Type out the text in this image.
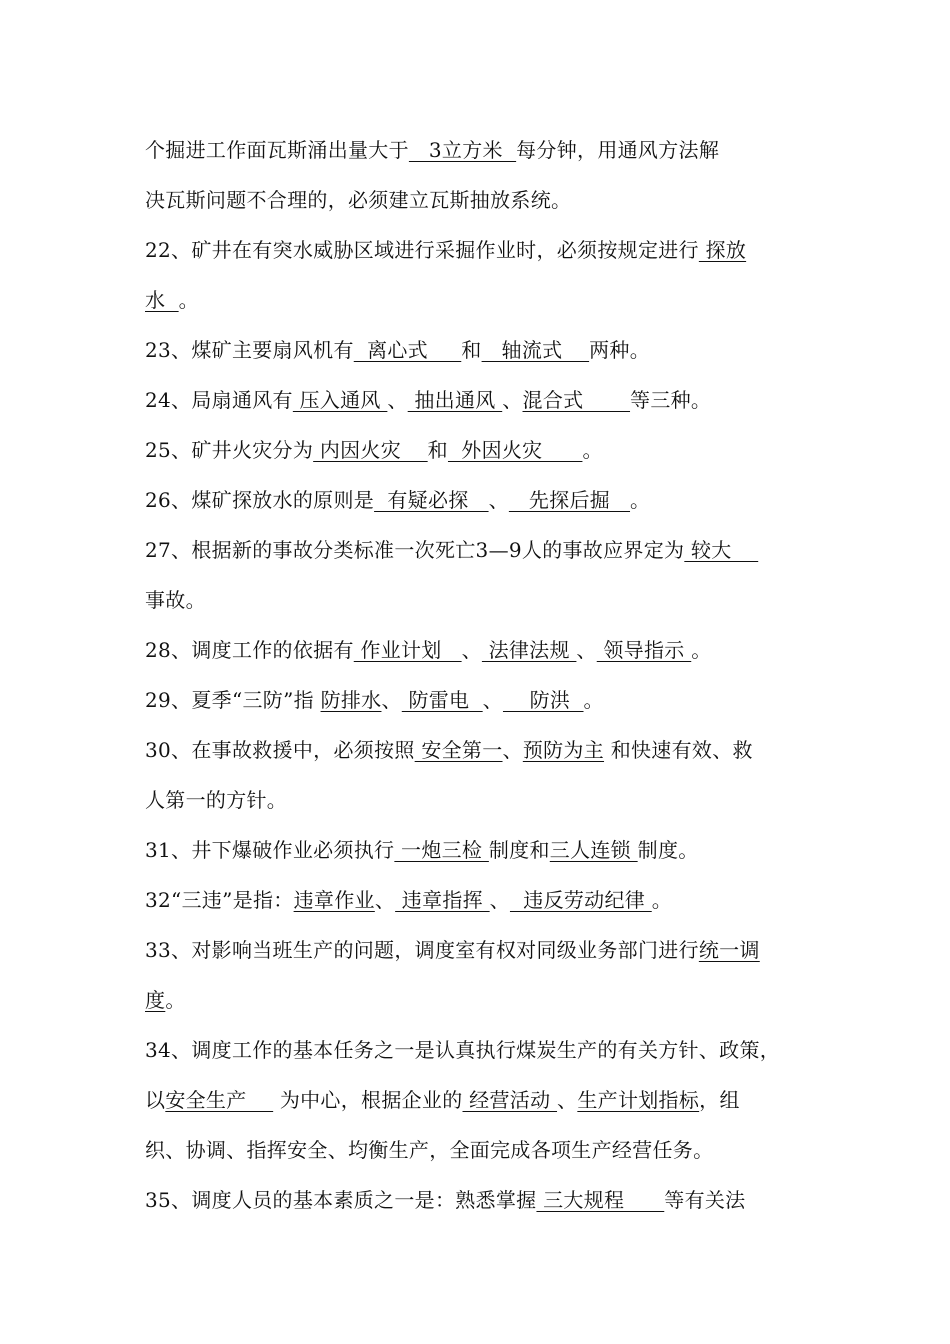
个掘进工作面瓦斯涌出量大于   3立方米  每分钟，用通风方法解
决瓦斯问题不合理的，必须建立瓦斯抽放系统。
22、矿井在有突水威胁区域进行采掘作业时，必须按规定进行 探放
水  。
23、煤矿主要扇风机有  离心式     和   轴流式    两种。
24、局扇通风有 压入通风 、 抽出通风 、混合式       等三种。
25、矿井火灾分为 内因火灾    和  外因火灾      。
26、煤矿探放水的原则是  有疑必探   、   先探后掘   。
27、根据新的事故分类标准一次死亡3—9人的事故应界定为 较大
事故。
28、调度工作的依据有 作业计划   、 法律法规 、 领导指示 。
29、夏季“三防”指 防排水、 防雷电  、    防洪  。
30、在事故救援中，必须按照 安全第一、预防为主 和快速有效、救
人第一的方针。
31、井下爆破作业必须执行 一炮三检 制度和三人连锁 制度。
32“三违”是指：违章作业、 违章指挥 、  违反劳动纪律 。
33、对影响当班生产的问题，调度室有权对同级业务部门进行统一调
度。
34、调度工作的基本任务之一是认真执行煤炭生产的有关方针、政策，
以安全生产     为中心，根据企业的 经营活动 、生产计划指标，组
织、协调、指挥安全、均衡生产，全面完成各项生产经营任务。
35、调度人员的基本素质之一是：熟悉掌握 三大规程      等有关法
